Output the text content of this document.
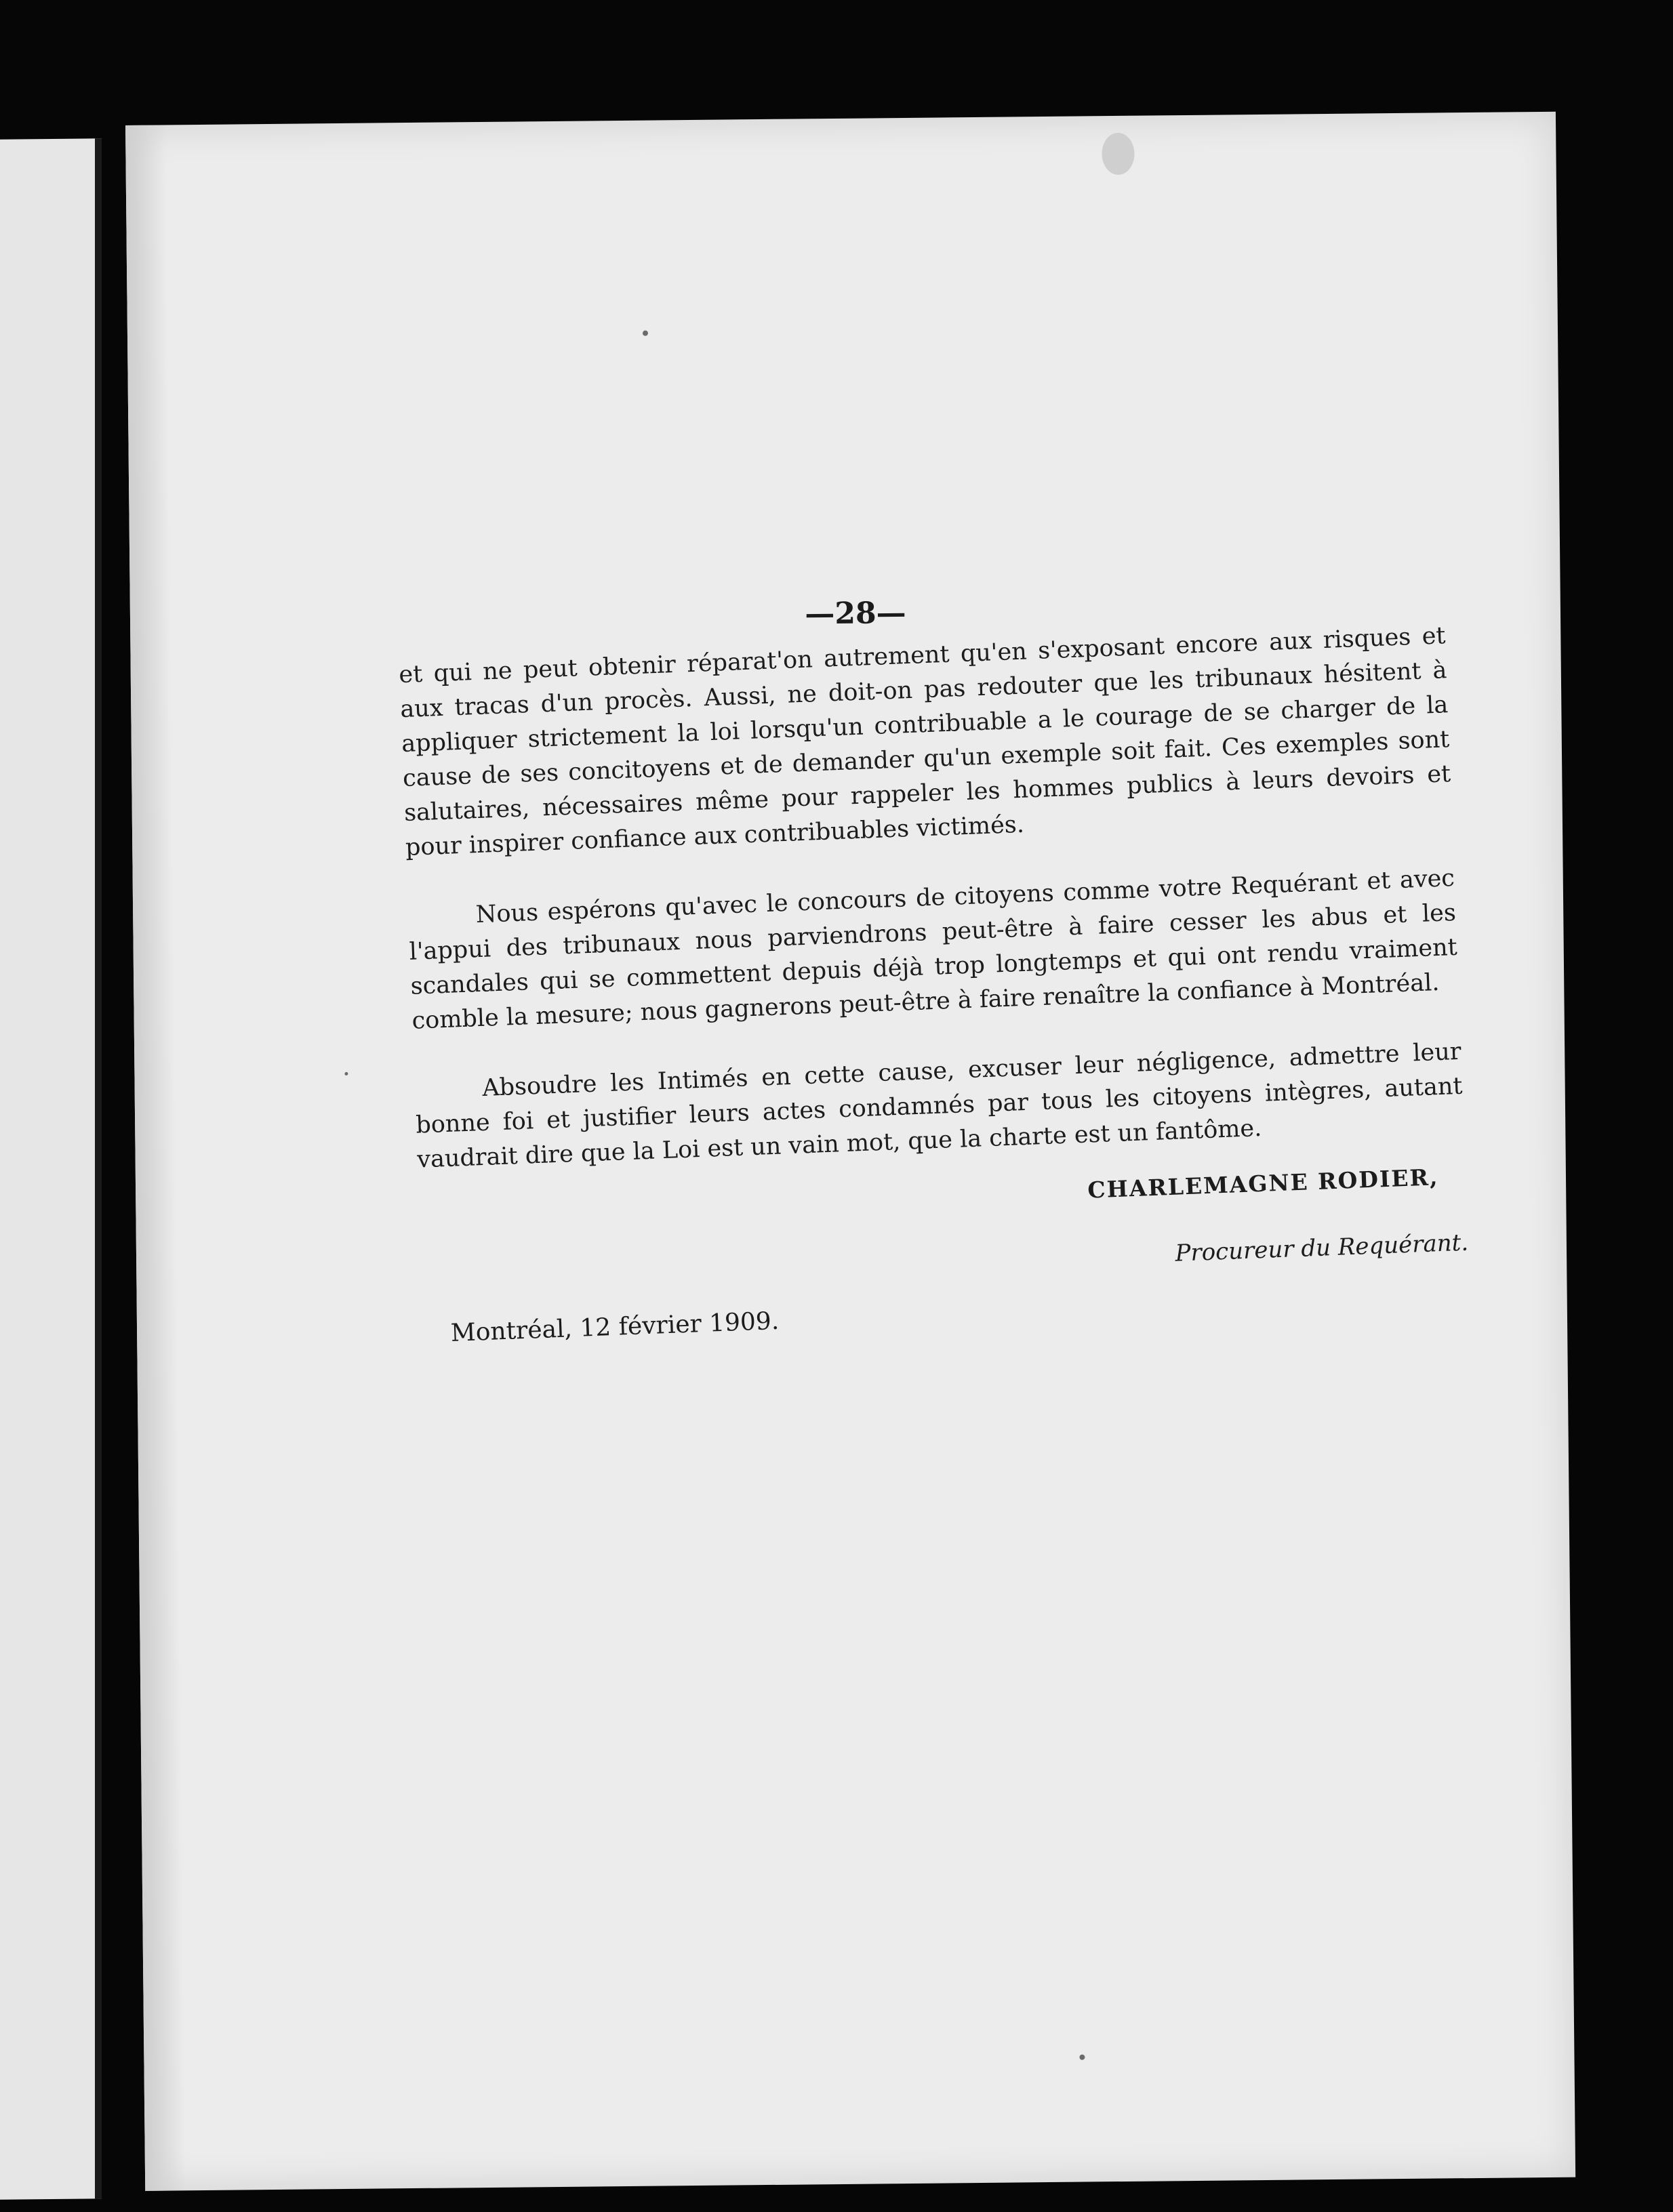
—28—

et qui ne peut obtenir réparat'on autrement qu'en s'exposant encore aux risques et aux tracas d'un procès. Aussi, ne doit-on pas redouter que les tribunaux hésitent à appliquer strictement la loi lorsqu'un contribuable a le courage de se charger de la cause de ses concitoyens et de demander qu'un exemple soit fait. Ces exemples sont salutaires, nécessaires même pour rappeler les hommes publics à leurs devoirs et pour inspirer confiance aux contribuables victimés.

Nous espérons qu'avec le concours de citoyens comme votre Requérant et avec l'appui des tribunaux nous parviendrons peut-être à faire cesser les abus et les scandales qui se commettent depuis déjà trop longtemps et qui ont rendu vraiment comble la mesure; nous gagnerons peut-être à faire renaître la confiance à Montréal.

Absoudre les Intimés en cette cause, excuser leur négligence, admettre leur bonne foi et justifier leurs actes condamnés par tous les citoyens intègres, autant vaudrait dire que la Loi est un vain mot, que la charte est un fantôme.

CHARLEMAGNE RODIER,
Procureur du Requérant.
Montréal, 12 février 1909.
